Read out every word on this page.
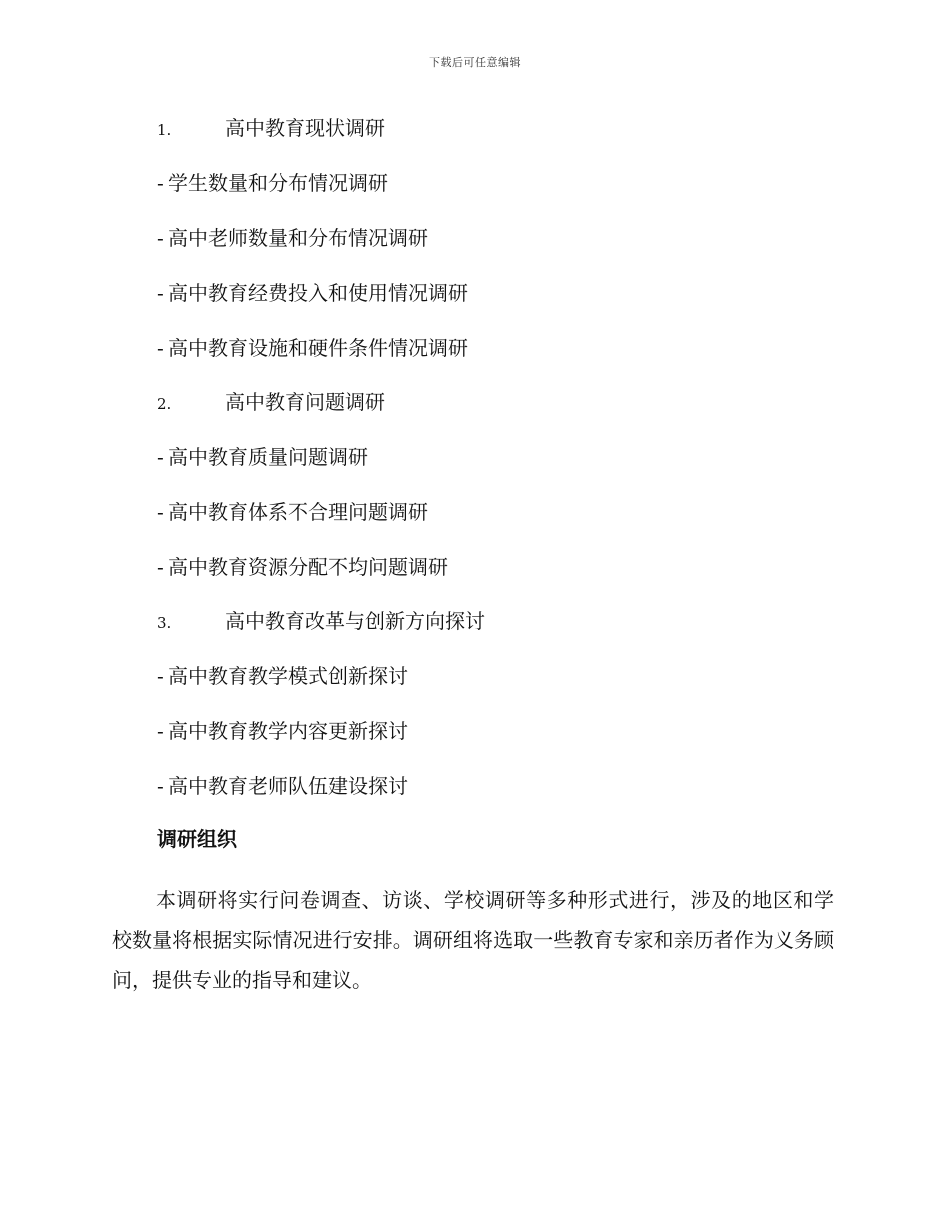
下载后可任意编辑
1.	高中教育现状调研
- 学生数量和分布情况调研
- 高中老师数量和分布情况调研
- 高中教育经费投入和使用情况调研
- 高中教育设施和硬件条件情况调研
2.	高中教育问题调研
- 高中教育质量问题调研
- 高中教育体系不合理问题调研
- 高中教育资源分配不均问题调研
3.	高中教育改革与创新方向探讨
- 高中教育教学模式创新探讨
- 高中教育教学内容更新探讨
- 高中教育老师队伍建设探讨
调研组织
本调研将实行问卷调查、访谈、学校调研等多种形式进行，涉及的地区和学校数量将根据实际情况进行安排。调研组将选取一些教育专家和亲历者作为义务顾问，提供专业的指导和建议。
